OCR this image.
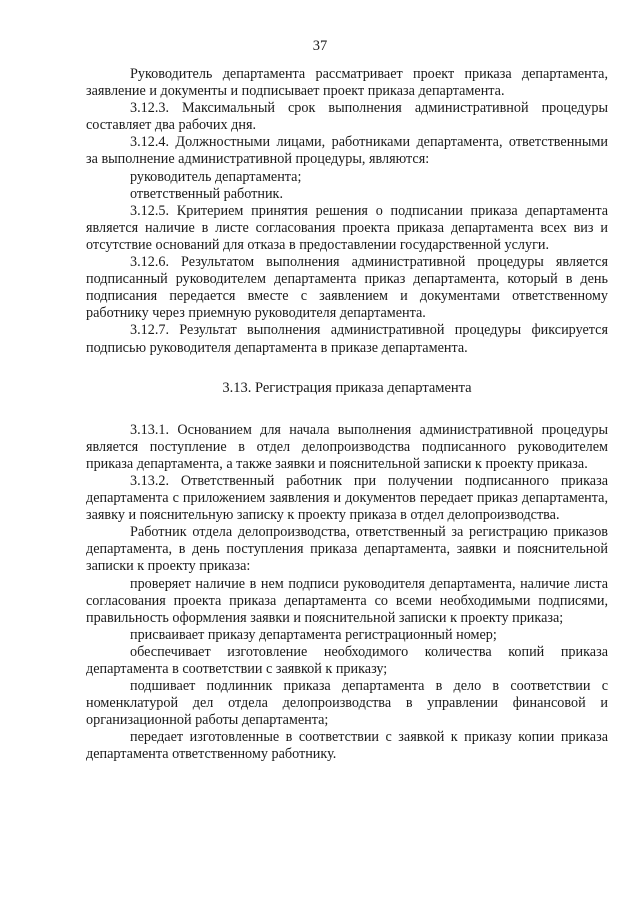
37

Руководитель департамента рассматривает проект приказа департамента, заявление и документы и подписывает проект приказа департамента.

3.12.3. Максимальный срок выполнения административной процедуры составляет два рабочих дня.

3.12.4. Должностными лицами, работниками департамента, ответственными за выполнение административной процедуры, являются:

руководитель департамента;

ответственный работник.

3.12.5. Критерием принятия решения о подписании приказа департамента является наличие в листе согласования проекта приказа департамента всех виз и отсутствие оснований для отказа в предоставлении государственной услуги.

3.12.6. Результатом выполнения административной процедуры является подписанный руководителем департамента приказ департамента, который в день подписания передается вместе с заявлением и документами ответственному работнику через приемную руководителя департамента.

3.12.7. Результат выполнения административной процедуры фиксируется подписью руководителя департамента в приказе департамента.

3.13. Регистрация приказа департамента

3.13.1. Основанием для начала выполнения административной процедуры является поступление в отдел делопроизводства подписанного руководителем приказа департамента, а также заявки и пояснительной записки к проекту приказа.

3.13.2. Ответственный работник при получении подписанного приказа департамента с приложением заявления и документов передает приказ департамента, заявку и пояснительную записку к проекту приказа в отдел делопроизводства.

Работник отдела делопроизводства, ответственный за регистрацию приказов департамента, в день поступления приказа департамента, заявки и пояснительной записки к проекту приказа:

проверяет наличие в нем подписи руководителя департамента, наличие листа согласования проекта приказа департамента со всеми необходимыми подписями, правильность оформления заявки и пояснительной записки к проекту приказа;

присваивает приказу департамента регистрационный номер;

обеспечивает изготовление необходимого количества копий приказа департамента в соответствии с заявкой к приказу;

подшивает подлинник приказа департамента в дело в соответствии с номенклатурой дел отдела делопроизводства в управлении финансовой и организационной работы департамента;

передает изготовленные в соответствии с заявкой к приказу копии приказа департамента ответственному работнику.
